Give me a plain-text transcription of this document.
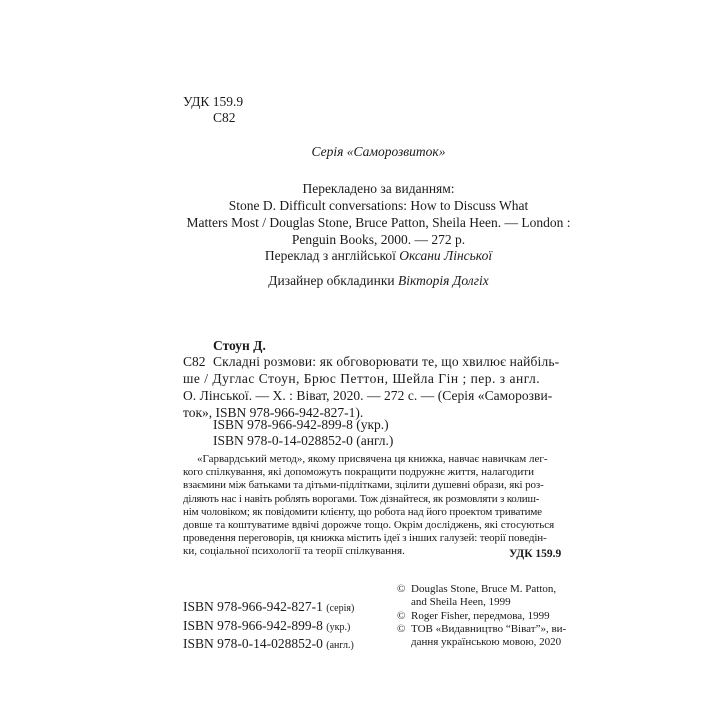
УДК 159.9
С82
Серія «Саморозвиток»
Перекладено за виданням:
Stone D. Difficult conversations: How to Discuss What
Matters Most / Douglas Stone, Bruce Patton, Sheila Heen. — London :
Penguin Books, 2000. — 272 p.
Переклад з англійської Оксани Лінської
Дизайнер обкладинки Вікторія Долгіх
Стоун Д.
С82 Складні розмови: як обговорювати те, що хвилює найбіль-
ше / Дуглас Стоун, Брюс Петтон, Шейла Гін ; пер. з англ.
О. Лінської. — Х. : Віват, 2020. — 272 с. — (Серія «Саморозви-
ток», ISBN 978-966-942-827-1).
ISBN 978-966-942-899-8 (укр.)
ISBN 978-0-14-028852-0 (англ.)
«Гарвардський метод», якому присвячена ця книжка, навчає навичкам лег-
кого спілкування, які допоможуть покращити подружнє життя, налагодити
взаємини між батьками та дітьми-підлітками, зцілити душевні образи, які роз-
діляють нас і навіть роблять ворогами. Тож дізнайтеся, як розмовляти з колиш-
нім чоловіком; як повідомити клієнту, що робота над його проектом триватиме
довше та коштуватиме вдвічі дорожче тощо. Окрім досліджень, які стосуються
проведення переговорів, ця книжка містить ідеї з інших галузей: теорії поведін-
ки, соціальної психології та теорії спілкування.	УДК 159.9
ISBN 978-966-942-827-1 (серія)
ISBN 978-966-942-899-8 (укр.)
ISBN 978-0-14-028852-0 (англ.)
© Douglas Stone, Bruce M. Patton,
and Sheila Heen, 1999
© Roger Fisher, передмова, 1999
© ТОВ «Видавництво “Віват”», ви-
дання українською мовою, 2020
